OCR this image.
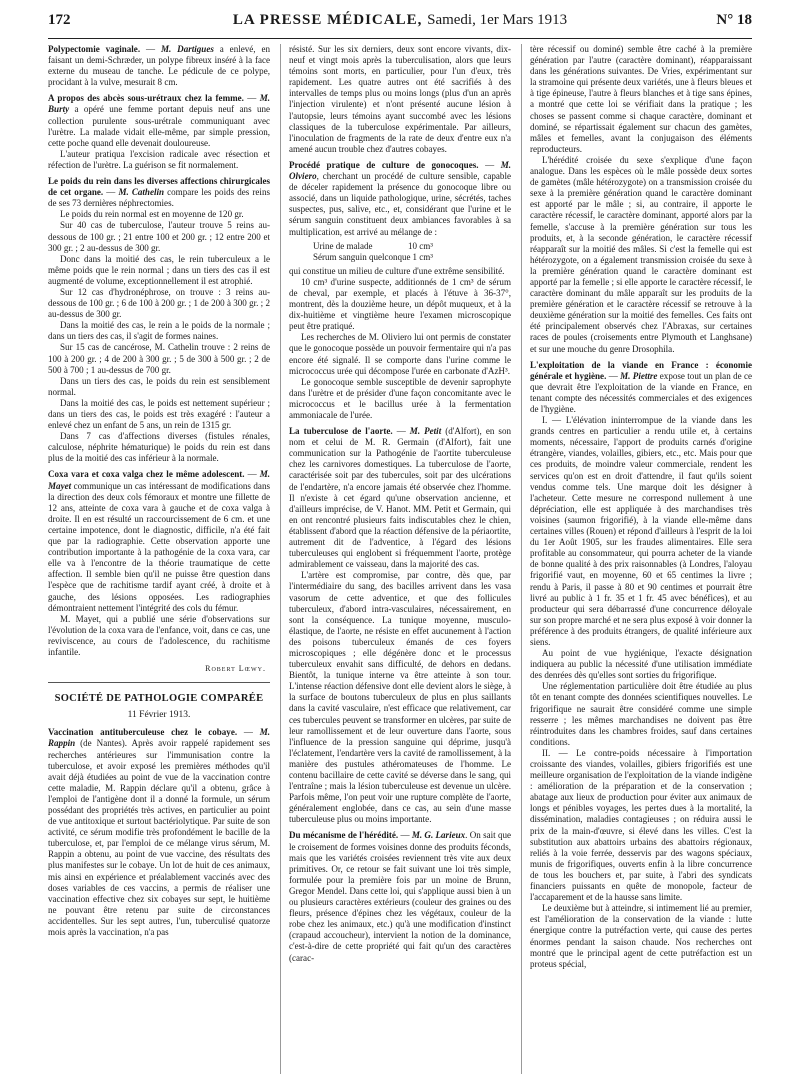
172	LA PRESSE MÉDICALE, Samedi, 1er Mars 1913	N° 18

Polypectomie vaginale. — M. Dartigues a enlevé, en faisant un demi-Schræder, un polype fibreux inséré à la face externe du museau de tanche. Le pédicule de ce polype, procidant à la vulve, mesurait 8 cm.

A propos des abcès sous-urétraux chez la femme. — M. Burty a opéré une femme portant depuis neuf ans une collection purulente sous-urétrale communiquant avec l'urètre. La malade vidait elle-même, par simple pression, cette poche quand elle devenait douloureuse.

L'auteur pratiqua l'excision radicale avec résection et réfection de l'urètre. La guérison se fit normalement.

Le poids du rein dans les diverses affections chirurgicales de cet organe. — M. Cathelin compare les poids des reins de ses 73 dernières néphrectomies.

Le poids du rein normal est en moyenne de 120 gr.

Sur 40 cas de tuberculose, l'auteur trouve 5 reins au-dessous de 100 gr. ; 21 entre 100 et 200 gr. ; 12 entre 200 et 300 gr. ; 2 au-dessus de 300 gr.

Donc dans la moitié des cas, le rein tuberculeux a le même poids que le rein normal ; dans un tiers des cas il est augmenté de volume, exceptionnellement il est atrophié.

Sur 12 cas d'hydronéphrose, on trouve : 3 reins au-dessous de 100 gr. ; 6 de 100 à 200 gr. ; 1 de 200 à 300 gr. ; 2 au-dessus de 300 gr.

Dans la moitié des cas, le rein a le poids de la normale ; dans un tiers des cas, il s'agit de formes naines.

Sur 15 cas de cancérose, M. Cathelin trouve : 2 reins de 100 à 200 gr. ; 4 de 200 à 300 gr. ; 5 de 300 à 500 gr. ; 2 de 500 à 700 ; 1 au-dessus de 700 gr.

Dans un tiers des cas, le poids du rein est sensiblement normal.

Dans la moitié des cas, le poids est nettement supérieur ; dans un tiers des cas, le poids est très exagéré : l'auteur a enlevé chez un enfant de 5 ans, un rein de 1315 gr.

Dans 7 cas d'affections diverses (fistules rénales, calculose, néphrite hématurique) le poids du rein est dans plus de la moitié des cas inférieur à la normale.

Coxa vara et coxa valga chez le même adolescent. — M. Mayet communique un cas intéressant de modifications dans la direction des deux cols fémoraux et montre une fillette de 12 ans, atteinte de coxa vara à gauche et de coxa valga à droite. Il en est résulté un raccourcissement de 6 cm. et une certaine impotence, dont le diagnostic, difficile, n'a été fait que par la radiographie. Cette observation apporte une contribution importante à la pathogénie de la coxa vara, car elle va à l'encontre de la théorie traumatique de cette affection. Il semble bien qu'il ne puisse être question dans l'espèce que de rachitisme tardif ayant créé, à droite et à gauche, des lésions opposées. Les radiographies démontraient nettement l'intégrité des cols du fémur.

M. Mayet, qui a publié une série d'observations sur l'évolution de la coxa vara de l'enfance, voit, dans ce cas, une reviviscence, au cours de l'adolescence, du rachitisme infantile.

Robert Lœwy.
SOCIÉTÉ DE PATHOLOGIE COMPARÉE
11 Février 1913.

Vaccination antituberculeuse chez le cobaye. — M. Rappin (de Nantes). Après avoir rappelé rapidement ses recherches antérieures sur l'immunisation contre la tuberculose, et avoir exposé les premières méthodes qu'il avait déjà étudiées au point de vue de la vaccination contre cette maladie, M. Rappin déclare qu'il a obtenu, grâce à l'emploi de l'antigène dont il a donné la formule, un sérum possédant des propriétés très actives, en particulier au point de vue antitoxique et surtout bactériolytique. Par suite de son activité, ce sérum modifie très profondément le bacille de la tuberculose, et, par l'emploi de ce mélange virus sérum, M. Rappin a obtenu, au point de vue vaccine, des résultats des plus manifestes sur le cobaye. Un lot de huit de ces animaux, mis ainsi en expérience et préalablement vaccinés avec des doses variables de ces vaccins, a permis de réaliser une vaccination effective chez six cobayes sur sept, le huitième ne pouvant être retenu par suite de circonstances accidentelles. Sur les sept autres, l'un, tuberculisé quatorze mois après la vaccination, n'a pas

résisté. Sur les six derniers, deux sont encore vivants, dix-neuf et vingt mois après la tuberculisation, alors que leurs témoins sont morts, en particulier, pour l'un d'eux, très rapidement. Les quatre autres ont été sacrifiés à des intervalles de temps plus ou moins longs (plus d'un an après l'injection virulente) et n'ont présenté aucune lésion à l'autopsie, leurs témoins ayant succombé avec les lésions classiques de la tuberculose expérimentale. Par ailleurs, l'inoculation de fragments de la rate de deux d'entre eux n'a amené aucun trouble chez d'autres cobayes.

Procédé pratique de culture de gonocoques. — M. Olviero, cherchant un procédé de culture sensible, capable de déceler rapidement la présence du gonocoque libre ou associé, dans un liquide pathologique, urine, sécrétés, taches suspectes, pus, salive, etc., et, considérant que l'urine et le sérum sanguin constituent deux ambiances favorables à sa multiplication, est arrivé au mélange de :

Urine de malade	10 cm³
Sérum sanguin quelconque 1 cm³

qui constitue un milieu de culture d'une extrême sensibilité.

10 cm³ d'urine suspecte, additionnés de 1 cm³ de sérum de cheval, par exemple, et placés à l'étuve à 36-37°, montrent, dès la douzième heure, un dépôt muqueux, et à la dix-huitième et vingtième heure l'examen microscopique peut être pratiqué.

Les recherches de M. Oliviero lui ont permis de constater que le gonocoque possède un pouvoir fermentaire qui n'a pas encore été signalé. Il se comporte dans l'urine comme le micrococcus urée qui décompose l'urée en carbonate d'AzH³.

Le gonocoque semble susceptible de devenir saprophyte dans l'urètre et de présider d'une façon concomitante avec le micrococcus et le bacillus urée à la fermentation ammoniacale de l'urée.

La tuberculose de l'aorte. — M. Petit (d'Alfort), en son nom et celui de M. R. Germain (d'Alfort), fait une communication sur la Pathogénie de l'aortite tuberculeuse chez les carnivores domestiques. La tuberculose de l'aorte, caractérisée soit par des tubercules, soit par des ulcérations de l'endartère, n'a encore jamais été observée chez l'homme. Il n'existe à cet égard qu'une observation ancienne, et d'ailleurs imprécise, de V. Hanot. MM. Petit et Germain, qui en ont rencontré plusieurs faits indiscutables chez le chien, établissent d'abord que la réaction défensive de la périaortite, autrement dit de l'adventice, à l'égard des lésions tuberculeuses qui englobent si fréquemment l'aorte, protège admirablement ce vaisseau, dans la majorité des cas.

L'artère est compromise, par contre, dès que, par l'intermédiaire du sang, des bacilles arrivent dans les vasa vasorum de cette adventice, et que des follicules tuberculeux, d'abord intra-vasculaires, nécessairement, en sont la conséquence. La tunique moyenne, musculo-élastique, de l'aorte, ne résiste en effet aucunement à l'action des poisons tuberculeux émanés de ces foyers microscopiques ; elle dégénère donc et le processus tuberculeux envahit sans difficulté, de dehors en dedans. Bientôt, la tunique interne va être atteinte à son tour. L'intense réaction défensive dont elle devient alors le siège, à la surface de boutons tuberculeux de plus en plus saillants dans la cavité vasculaire, n'est efficace que relativement, car ces tubercules peuvent se transformer en ulcères, par suite de leur ramollissement et de leur ouverture dans l'aorte, sous l'influence de la pression sanguine qui déprime, jusqu'à l'éclatement, l'endartère vers la cavité de ramollissement, à la manière des pustules athéromateuses de l'homme. Le contenu bacillaire de cette cavité se déverse dans le sang, qui l'entraîne ; mais la lésion tuberculeuse est devenue un ulcère. Parfois même, l'on peut voir une rupture complète de l'aorte, généralement englobée, dans ce cas, au sein d'une masse tuberculeuse plus ou moins importante.

Du mécanisme de l'hérédité. — M. G. Larieux. On sait que le croisement de formes voisines donne des produits féconds, mais que les variétés croisées reviennent très vite aux deux primitives. Or, ce retour se fait suivant une loi très simple, formulée pour la première fois par un moine de Brunn, Gregor Mendel. Dans cette loi, qui s'applique aussi bien à un ou plusieurs caractères extérieurs (couleur des graines ou des fleurs, présence d'épines chez les végétaux, couleur de la robe chez les animaux, etc.) qu'à une modification d'instinct (crapaud accoucheur), intervient la notion de la dominance, c'est-à-dire de cette propriété qui fait qu'un des caractères (carac-

tère récessif ou dominé) semble être caché à la première génération par l'autre (caractère dominant), réapparaissant dans les générations suivantes. De Vries, expérimentant sur la stramoine qui présente deux variétés, une à fleurs bleues et à tige épineuse, l'autre à fleurs blanches et à tige sans épines, a montré que cette loi se vérifiait dans la pratique ; les choses se passent comme si chaque caractère, dominant et dominé, se répartissait également sur chacun des gamètes, mâles et femelles, avant la conjugaison des éléments reproducteurs.

L'hérédité croisée du sexe s'explique d'une façon analogue. Dans les espèces où le mâle possède deux sortes de gamètes (mâle hétérozygote) on a transmission croisée du sexe à la première génération quand le caractère dominant est apporté par le mâle ; si, au contraire, il apporte le caractère récessif, le caractère dominant, apporté alors par la femelle, s'accuse à la première génération sur tous les produits, et, à la seconde génération, le caractère récessif réapparaît sur la moitié des mâles. Si c'est la femelle qui est hétérozygote, on a également transmission croisée du sexe à la première génération quand le caractère dominant est apporté par la femelle ; si elle apporte le caractère récessif, le caractère dominant du mâle apparaît sur les produits de la première génération et le caractère récessif se retrouve à la deuxième génération sur la moitié des femelles. Ces faits ont été principalement observés chez l'Abraxas, sur certaines races de poules (croisements entre Plymouth et Langhsane) et sur une mouche du genre Drosophila.

L'exploitation de la viande en France : économie générale et hygiène. — M. Piettre expose tout un plan de ce que devrait être l'exploitation de la viande en France, en tenant compte des nécessités commerciales et des exigences de l'hygiène.

I. — L'élévation ininterrompue de la viande dans les grands centres en particulier a rendu utile et, à certains moments, nécessaire, l'apport de produits carnés d'origine étrangère, viandes, volailles, gibiers, etc., etc. Mais pour que ces produits, de moindre valeur commerciale, rendent les services qu'on est en droit d'attendre, il faut qu'ils soient vendus comme tels. Une marque doit les désigner à l'acheteur. Cette mesure ne correspond nullement à une dépréciation, elle est appliquée à des marchandises très voisines (saumon frigorifié), à la viande elle-même dans certaines villes (Rouen) et répond d'ailleurs à l'esprit de la loi du 1er Août 1905, sur les fraudes alimentaires. Elle sera profitable au consommateur, qui pourra acheter de la viande de bonne qualité à des prix raisonnables (à Londres, l'aloyau frigorifié vaut, en moyenne, 60 et 65 centimes la livre ; rendu à Paris, il passe à 80 et 90 centimes et pourrait être livré au public à 1 fr. 35 et 1 fr. 45 avec bénéfices), et au producteur qui sera débarrassé d'une concurrence déloyale sur son propre marché et ne sera plus exposé à voir donner la préférence à des produits étrangers, de qualité inférieure aux siens.

Au point de vue hygiénique, l'exacte désignation indiquera au public la nécessité d'une utilisation immédiate des denrées dès qu'elles sont sorties du frigorifique.

Une réglementation particulière doit être étudiée au plus tôt en tenant compte des données scientifiques nouvelles. Le frigorifique ne saurait être considéré comme une simple resserre ; les mêmes marchandises ne doivent pas être réintroduites dans les chambres froides, sauf dans certaines conditions.

II. — Le contre-poids nécessaire à l'importation croissante des viandes, volailles, gibiers frigorifiés est une meilleure organisation de l'exploitation de la viande indigène : amélioration de la préparation et de la conservation ; abatage aux lieux de production pour éviter aux animaux de longs et pénibles voyages, les pertes dues à la mortalité, la dissémination, maladies contagieuses ; on réduira aussi le prix de la main-d'œuvre, si élevé dans les villes. C'est la substitution aux abattoirs urbains des abattoirs régionaux, reliés à la voie ferrée, desservis par des wagons spéciaux, munis de frigorifiques, ouverts enfin à la libre concurrence de tous les bouchers et, par suite, à l'abri des syndicats financiers puissants en quête de monopole, facteur de l'accaparement et de la hausse sans limite.

Le deuxième but à atteindre, si intimement lié au premier, est l'amélioration de la conservation de la viande : lutte énergique contre la putréfaction verte, qui cause des pertes énormes pendant la saison chaude. Nos recherches ont montré que le principal agent de cette putréfaction est un proteus spécial,
